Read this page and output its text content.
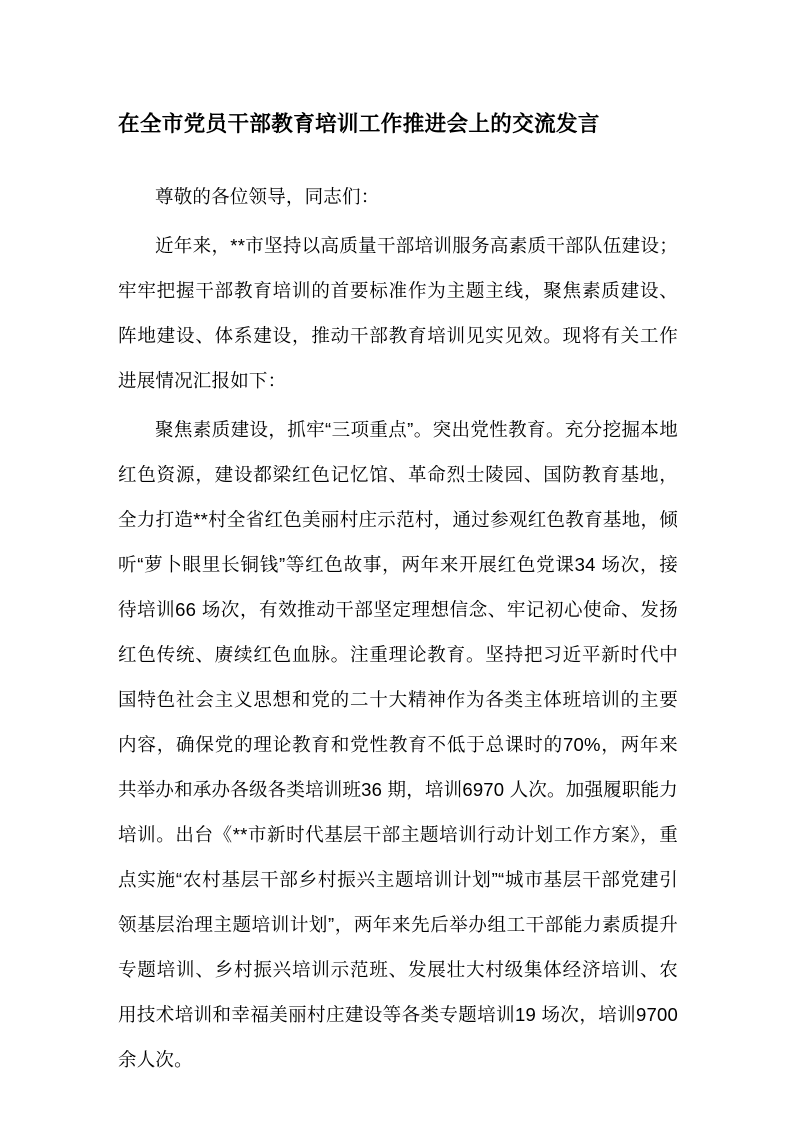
在全市党员干部教育培训工作推进会上的交流发言

尊敬的各位领导，同志们：

近年来，**市坚持以高质量干部培训服务高素质干部队伍建设；牢牢把握干部教育培训的首要标准作为主题主线，聚焦素质建设、阵地建设、体系建设，推动干部教育培训见实见效。现将有关工作进展情况汇报如下：

聚焦素质建设，抓牢“三项重点”。突出党性教育。充分挖掘本地红色资源，建设都梁红色记忆馆、革命烈士陵园、国防教育基地，全力打造**村全省红色美丽村庄示范村，通过参观红色教育基地，倾听“萝卜眼里长铜钱”等红色故事，两年来开展红色党课34 场次，接待培训66 场次，有效推动干部坚定理想信念、牢记初心使命、发扬红色传统、赓续红色血脉。注重理论教育。坚持把习近平新时代中国特色社会主义思想和党的二十大精神作为各类主体班培训的主要内容，确保党的理论教育和党性教育不低于总课时的70%，两年来共举办和承办各级各类培训班36 期，培训6970 人次。加强履职能力培训。出台《**市新时代基层干部主题培训行动计划工作方案》，重点实施“农村基层干部乡村振兴主题培训计划”“城市基层干部党建引领基层治理主题培训计划”，两年来先后举办组工干部能力素质提升专题培训、乡村振兴培训示范班、发展壮大村级集体经济培训、农用技术培训和幸福美丽村庄建设等各类专题培训19 场次，培训9700 余人次。
